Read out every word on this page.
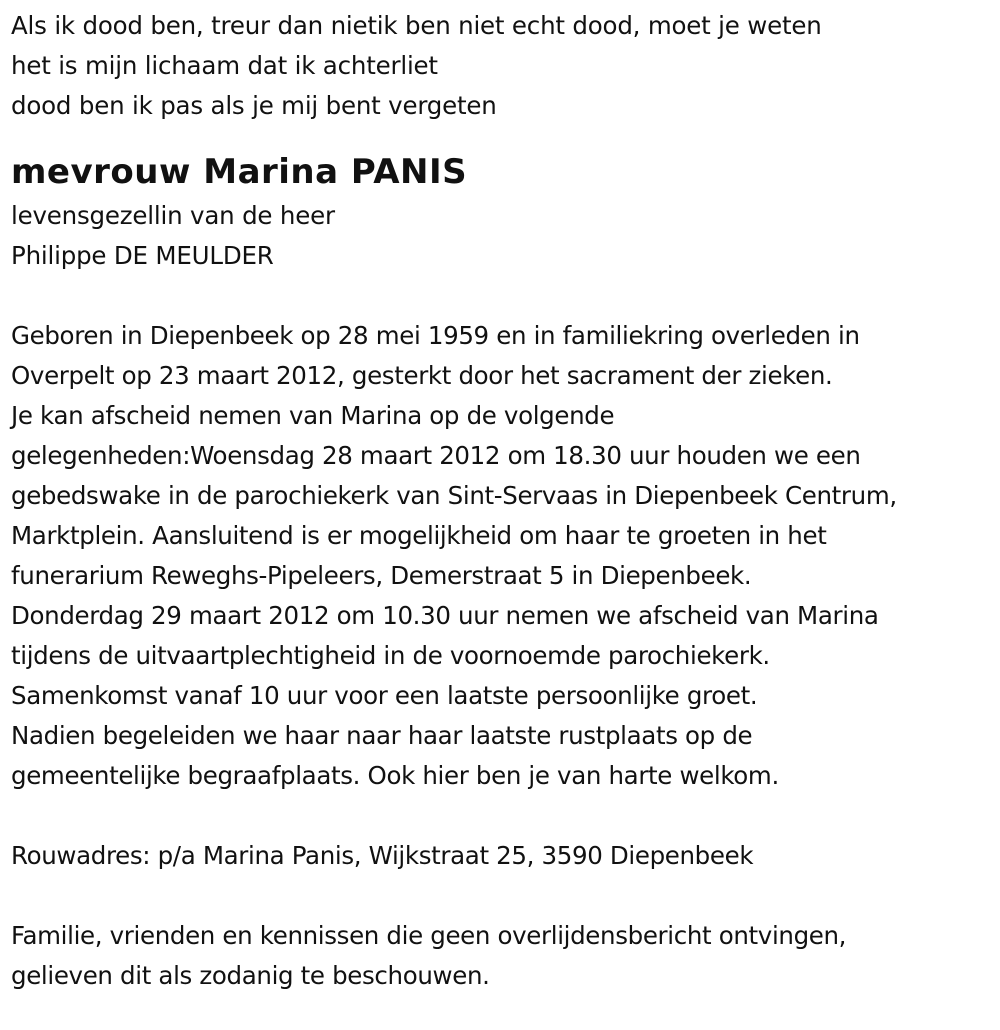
Als ik dood ben, treur dan nietik ben niet echt dood, moet je weten
het is mijn lichaam dat ik achterliet
dood ben ik pas als je mij bent vergeten
mevrouw Marina PANIS
levensgezellin van de heer
Philippe DE MEULDER
Geboren in Diepenbeek op 28 mei 1959 en in familiekring overleden in
Overpelt op 23 maart 2012, gesterkt door het sacrament der zieken.
Je kan afscheid nemen van Marina op de volgende
gelegenheden:Woensdag 28 maart 2012 om 18.30 uur houden we een
gebedswake in de parochiekerk van Sint-Servaas in Diepenbeek Centrum,
Marktplein. Aansluitend is er mogelijkheid om haar te groeten in het
funerarium Reweghs-Pipeleers, Demerstraat 5 in Diepenbeek.
Donderdag 29 maart 2012 om 10.30 uur nemen we afscheid van Marina
tijdens de uitvaartplechtigheid in de voornoemde parochiekerk.
Samenkomst vanaf 10 uur voor een laatste persoonlijke groet.
Nadien begeleiden we haar naar haar laatste rustplaats op de
gemeentelijke begraafplaats. Ook hier ben je van harte welkom.
Rouwadres: p/a Marina Panis, Wijkstraat 25, 3590 Diepenbeek
Familie, vrienden en kennissen die geen overlijdensbericht ontvingen,
gelieven dit als zodanig te beschouwen.
